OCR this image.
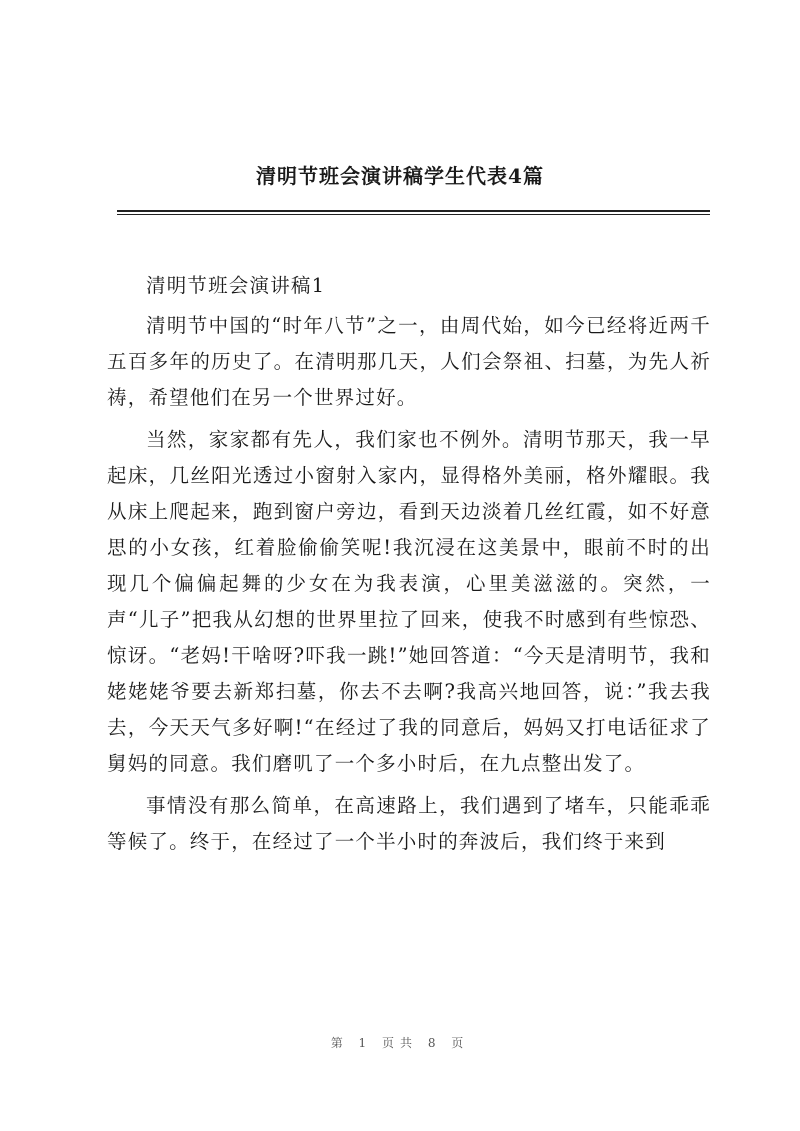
清明节班会演讲稿学生代表4篇

清明节班会演讲稿1

清明节中国的“时年八节”之一，由周代始，如今已经将近两千五百多年的历史了。在清明那几天，人们会祭祖、扫墓，为先人祈祷，希望他们在另一个世界过好。

当然，家家都有先人，我们家也不例外。清明节那天，我一早起床，几丝阳光透过小窗射入家内，显得格外美丽，格外耀眼。我从床上爬起来，跑到窗户旁边，看到天边淡着几丝红霞，如不好意思的小女孩，红着脸偷偷笑呢!我沉浸在这美景中，眼前不时的出现几个偏偏起舞的少女在为我表演，心里美滋滋的。突然，一声“儿子”把我从幻想的世界里拉了回来，使我不时感到有些惊恐、惊讶。“老妈!干啥呀?吓我一跳!”她回答道：“今天是清明节，我和姥姥姥爷要去新郑扫墓，你去不去啊?我高兴地回答，说：”我去我去，今天天气多好啊!“在经过了我的同意后，妈妈又打电话征求了舅妈的同意。我们磨叽了一个多小时后，在九点整出发了。

事情没有那么简单，在高速路上，我们遇到了堵车，只能乖乖等候了。终于，在经过了一个半小时的奔波后，我们终于来到

第 1 页共 8 页
